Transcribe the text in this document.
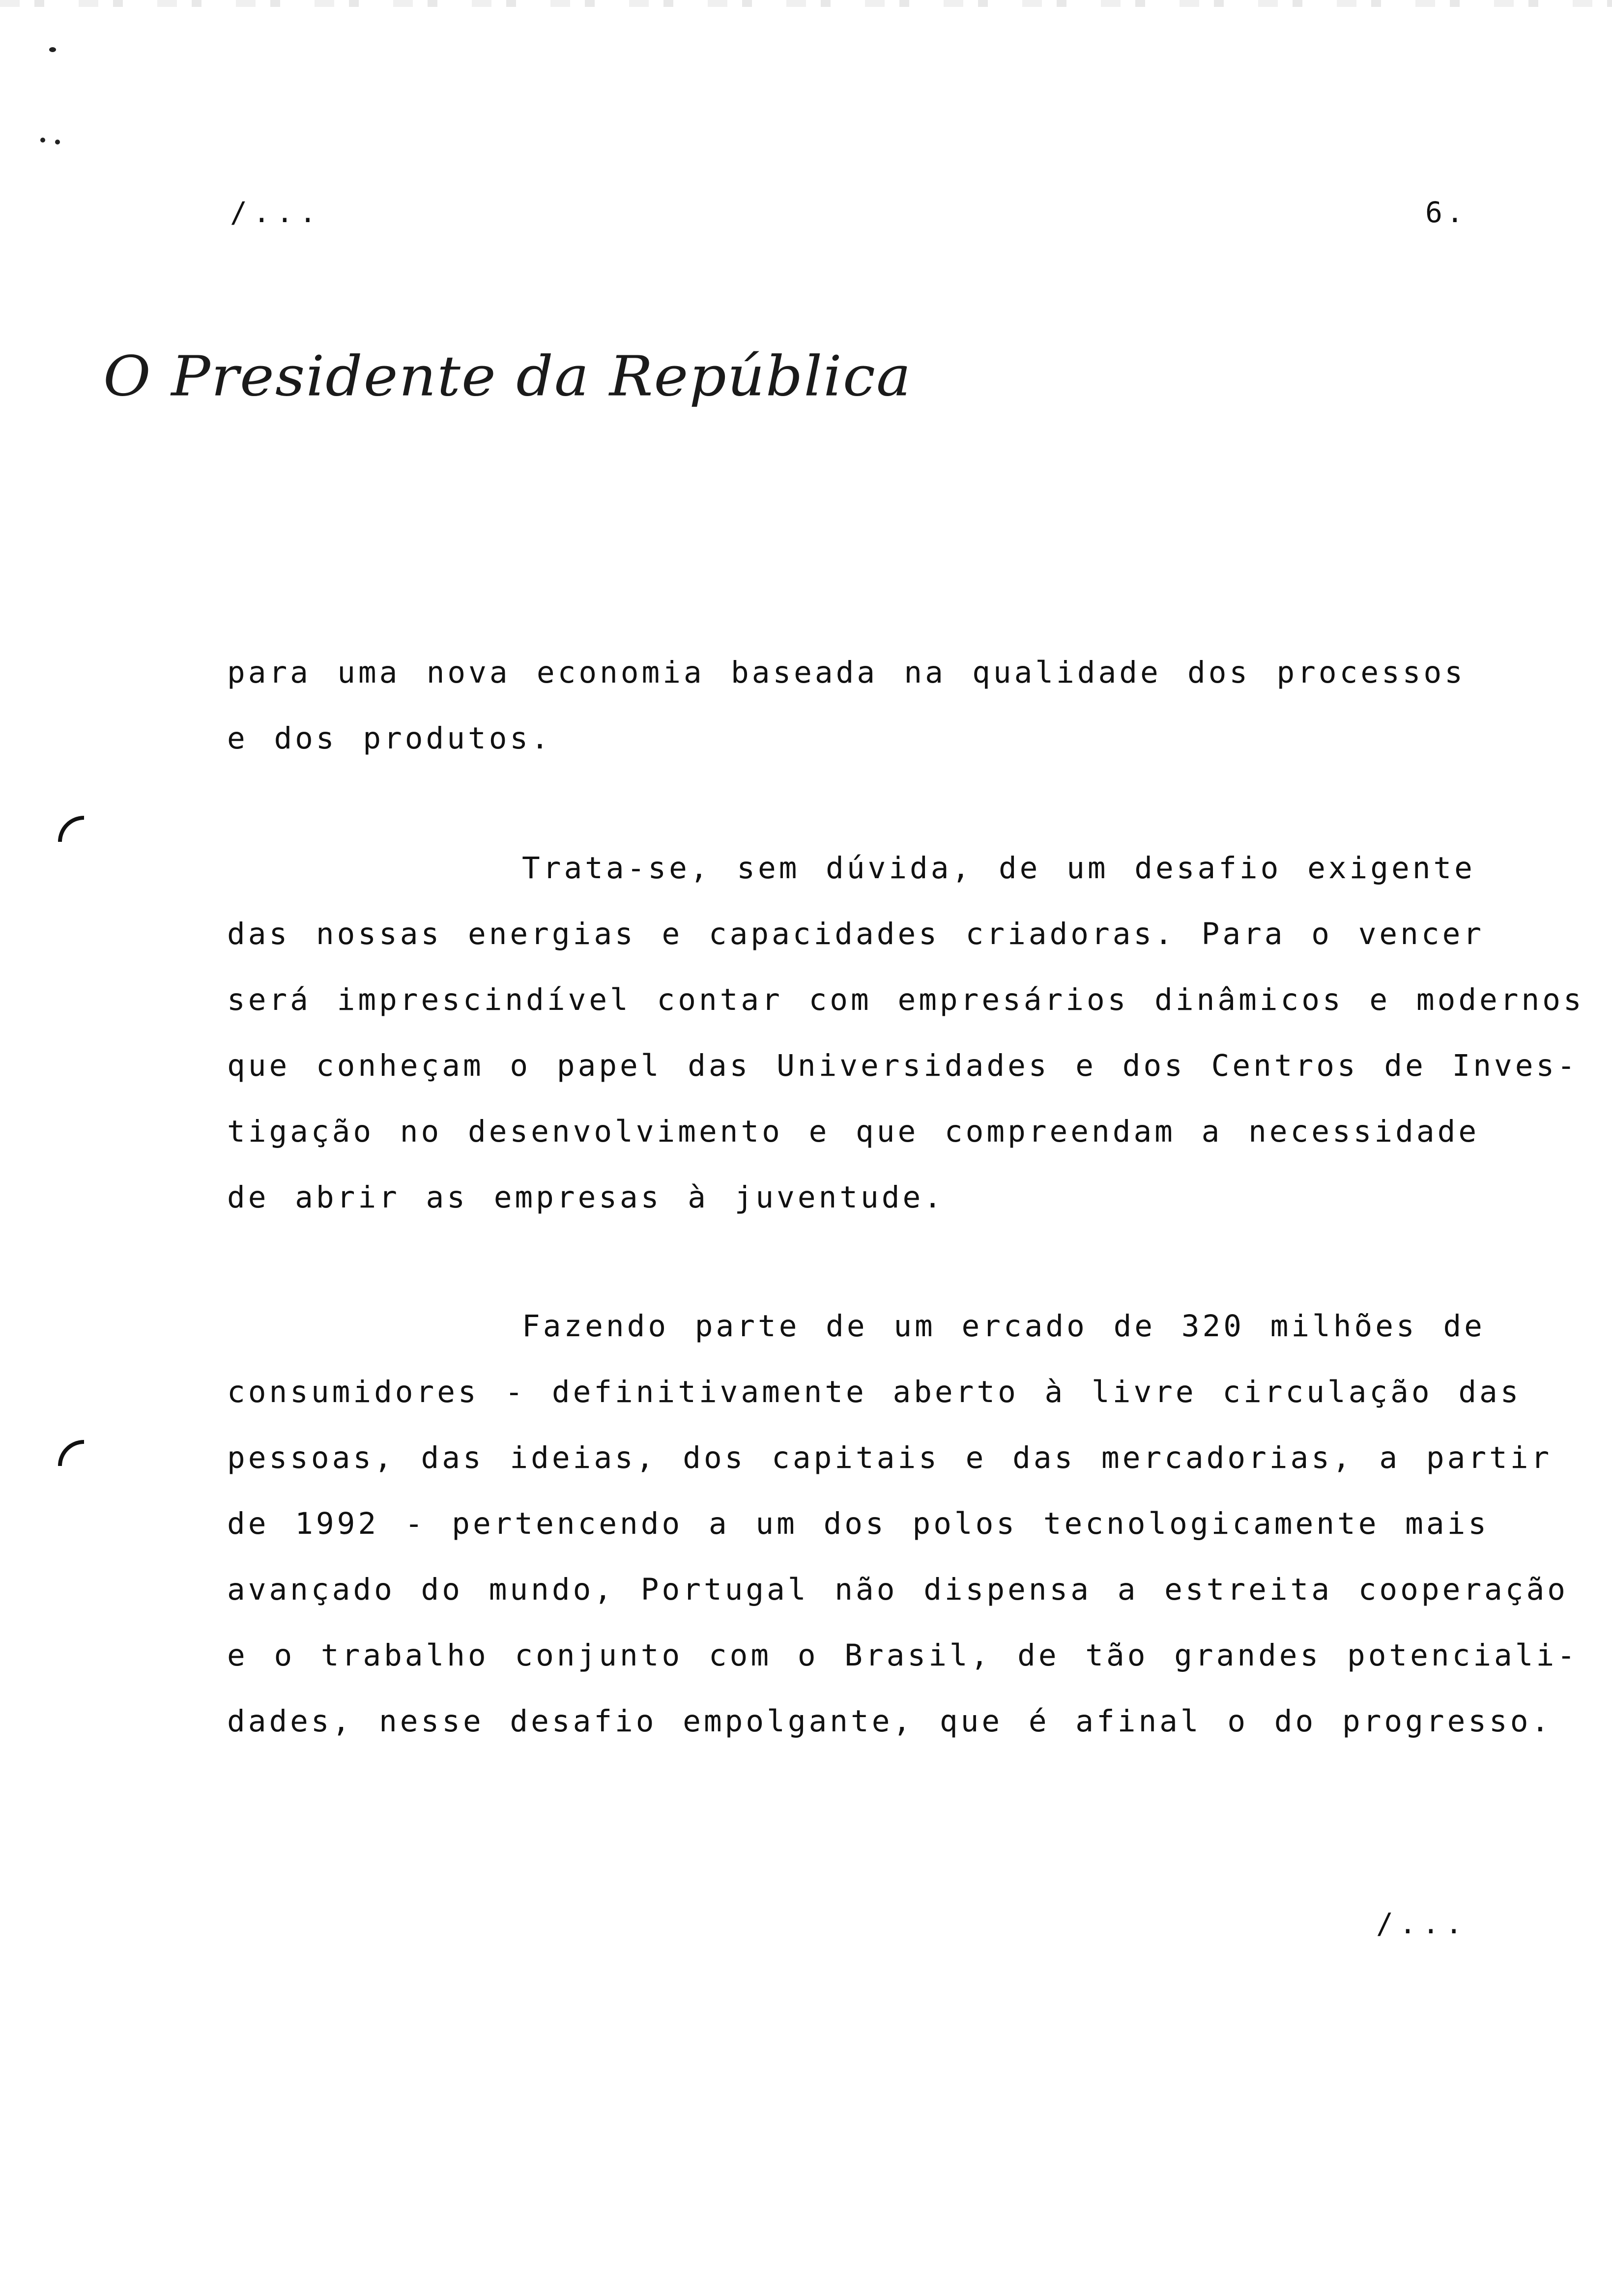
/...	6.
O Presidente da República
para uma nova economia baseada na qualidade dos processos
e dos produtos.
Trata-se, sem dúvida, de um desafio exigente
das nossas energias e capacidades criadoras. Para o vencer
será imprescindível contar com empresários dinâmicos e modernos
que conheçam o papel das Universidades e dos Centros de Inves-
tigação no desenvolvimento e que compreendam a necessidade
de abrir as empresas à juventude.
Fazendo parte de um ercado de 320 milhões de
consumidores - definitivamente aberto à livre circulação das
pessoas, das ideias, dos capitais e das mercadorias, a partir
de 1992 - pertencendo a um dos polos tecnologicamente mais
avançado do mundo, Portugal não dispensa a estreita cooperação
e o trabalho conjunto com o Brasil, de tão grandes potenciali-
dades, nesse desafio empolgante, que é afinal o do progresso.
/...
